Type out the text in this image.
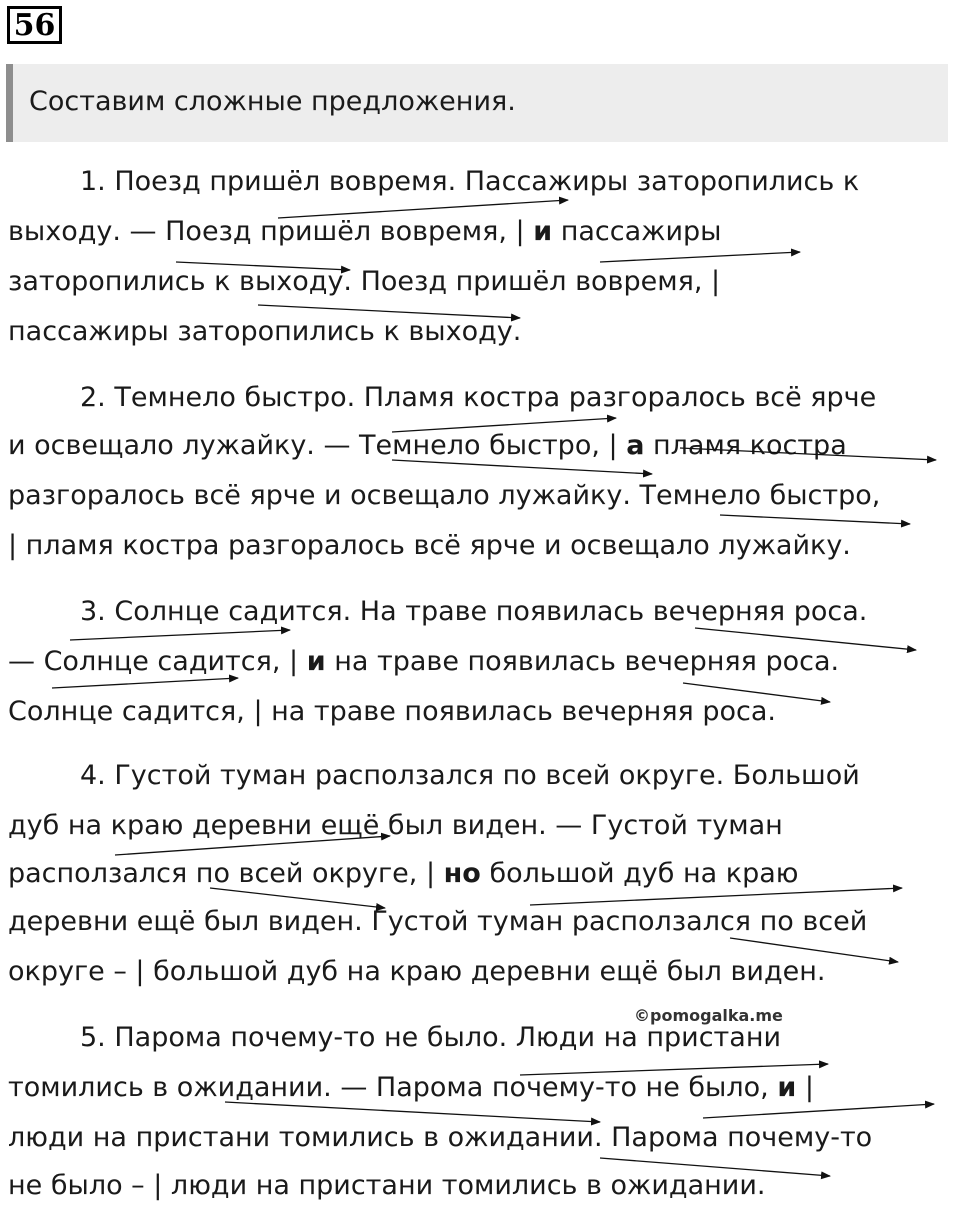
56
Составим сложные предложения.
1. Поезд пришёл вовремя. Пассажиры заторопились к
выходу. — Поезд пришёл вовремя, | и пассажиры
заторопились к выходу. Поезд пришёл вовремя, |
пассажиры заторопились к выходу.
2. Темнело быстро. Пламя костра разгоралось всё ярче
и освещало лужайку. — Темнело быстро, | а пламя костра
разгоралось всё ярче и освещало лужайку. Темнело быстро,
| пламя костра разгоралось всё ярче и освещало лужайку.
3. Солнце садится. На траве появилась вечерняя роса.
— Солнце садится, | и на траве появилась вечерняя роса.
Солнце садится, | на траве появилась вечерняя роса.
4. Густой туман расползался по всей округе. Большой
дуб на краю деревни ещё был виден. — Густой туман
расползался по всей округе, | но большой дуб на краю
деревни ещё был виден. Густой туман расползался по всей
округе – | большой дуб на краю деревни ещё был виден.
©pomogalka.me
5. Парома почему-то не было. Люди на пристани
томились в ожидании. — Парома почему-то не было, и |
люди на пристани томились в ожидании. Парома почему-то
не было – | люди на пристани томились в ожидании.
